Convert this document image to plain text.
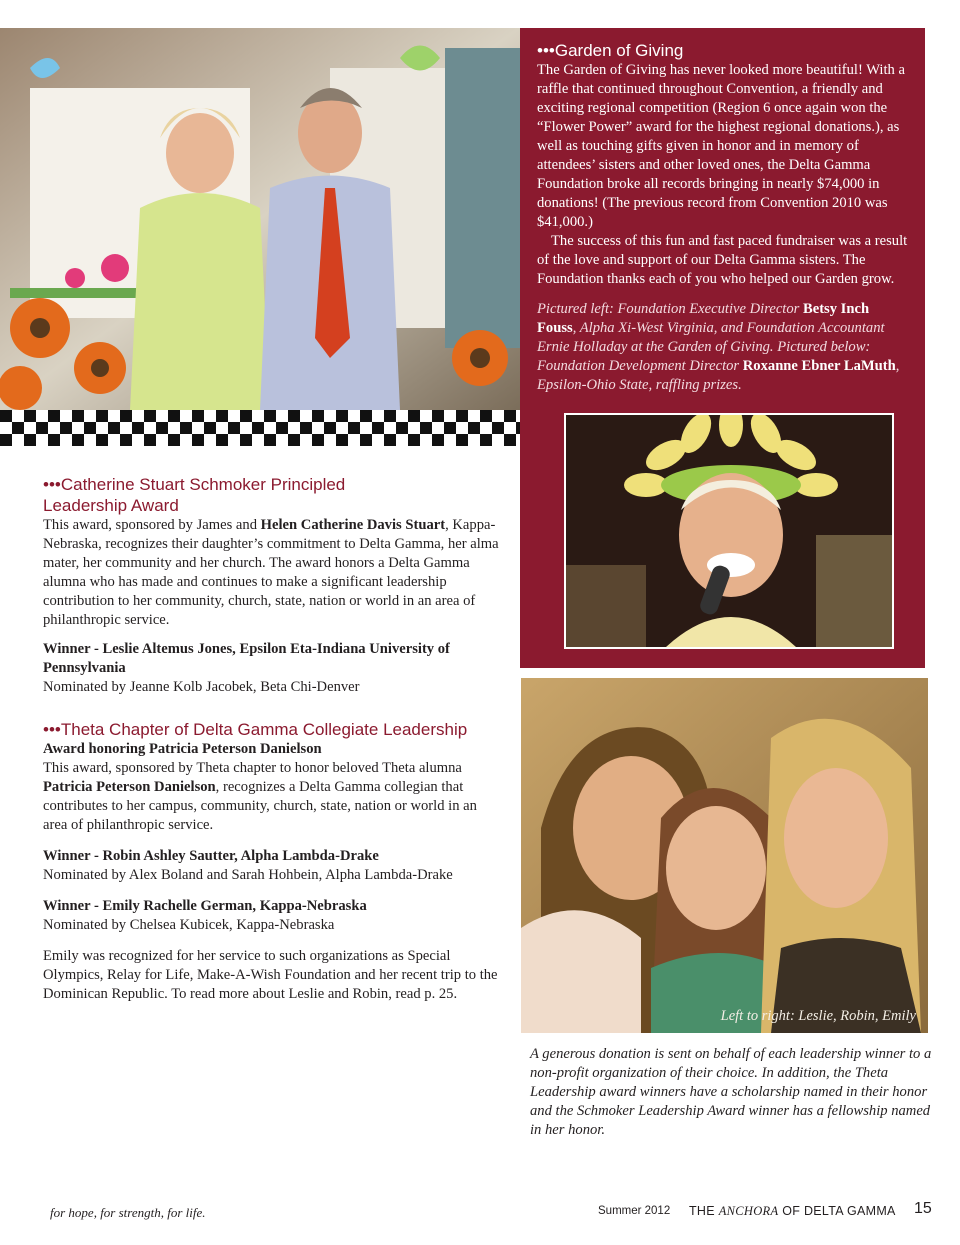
•••Garden of Giving

The Garden of Giving has never looked more beautiful! With a raffle that continued throughout Convention, a friendly and exciting regional competition (Region 6 once again won the “Flower Power” award for the highest regional donations.), as well as touching gifts given in honor and in memory of attendees’ sisters and other loved ones, the Delta Gamma Foundation broke all records bringing in nearly $74,000 in donations! (The previous record from Convention 2010 was $41,000.)

The success of this fun and fast paced fundraiser was a result of the love and support of our Delta Gamma sisters. The Foundation thanks each of you who helped our Garden grow.

Pictured left: Foundation Executive Director Betsy Inch Fouss, Alpha Xi-West Virginia, and Foundation Accountant Ernie Holladay at the Garden of Giving. Pictured below: Foundation Development Director Roxanne Ebner LaMuth, Epsilon-Ohio State, raffling prizes.

•••Catherine Stuart Schmoker Principled
Leadership Award

This award, sponsored by James and Helen Catherine Davis Stuart, Kappa-Nebraska, recognizes their daughter’s commitment to Delta Gamma, her alma mater, her community and her church. The award honors a Delta Gamma alumna who has made and continues to make a significant leadership contribution to her community, church, state, nation or world in an area of philanthropic service.

Winner - Leslie Altemus Jones, Epsilon Eta-Indiana University of Pennsylvania

Nominated by Jeanne Kolb Jacobek, Beta Chi-Denver

•••Theta Chapter of Delta Gamma Collegiate Leadership

Award honoring Patricia Peterson Danielson

This award, sponsored by Theta chapter to honor beloved Theta alumna Patricia Peterson Danielson, recognizes a Delta Gamma collegian that contributes to her campus, community, church, state, nation or world in an area of philanthropic service.

Winner - Robin Ashley Sautter, Alpha Lambda-Drake

Nominated by Alex Boland and Sarah Hohbein, Alpha Lambda-Drake

Winner - Emily Rachelle German, Kappa-Nebraska

Nominated by Chelsea Kubicek, Kappa-Nebraska

Emily was recognized for her service to such organizations as Special Olympics, Relay for Life, Make-A-Wish Foundation and her recent trip to the Dominican Republic. To read more about Leslie and Robin, read p. 25.

Left to right: Leslie, Robin, Emily
A generous donation is sent on behalf of each leadership winner to a non-profit organization of their choice. In addition, the Theta Leadership award winners have a scholarship named in their honor and the Schmoker Leadership Award winner has a fellowship named in her honor.
for hope, for strength, for life.	Summer 2012 THE ANCHORA OF DELTA GAMMA 15
